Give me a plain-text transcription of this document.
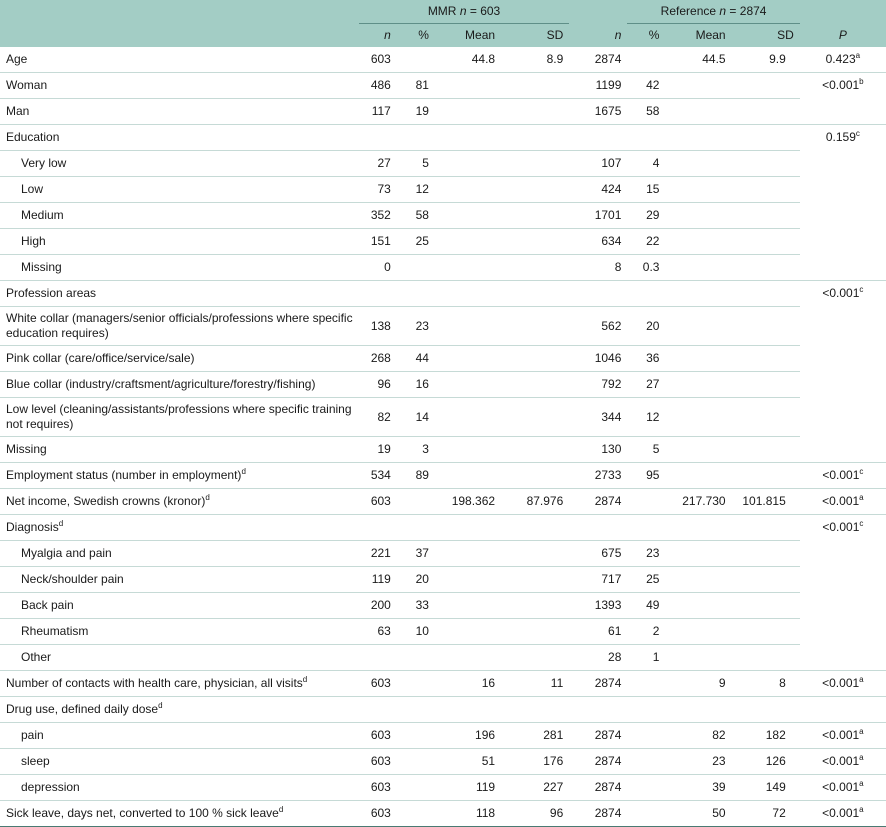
	MMR n = 603					Reference n = 2874			
	n	%	Mean	SD	n	%	Mean	SD	P
Age	603		44.8	8.9	2874		44.5	9.9	0.423$^a$
Woman	486	81			1199	42			<0.001$^b$
Man	117	19			1675	58			
Education									0.159$^c$
Very low	27	5			107	4			
Low	73	12			424	15			
Medium	352	58			1701	29			
High	151	25			634	22			
Missing	0				8	0.3			
Profession areas									<0.001$^c$
White collar (managers/senior officials/professions where specific education requires)	138	23			562	20			
Pink collar (care/office/service/sale)	268	44			1046	36			
Blue collar (industry/craftsment/agriculture/forestry/fishing)	96	16			792	27			
Low level (cleaning/assistants/professions where specific training not requires)	82	14			344	12			
Missing	19	3			130	5			
Employment status (number in employment)$^d$	534	89			2733	95			<0.001$^c$
Net income, Swedish crowns (kronor)$^d$	603		198.362	87.976	2874		217.730	101.815	<0.001$^a$
Diagnosis$^d$									<0.001$^c$
Myalgia and pain	221	37			675	23			
Neck/shoulder pain	119	20			717	25			
Back pain	200	33			1393	49			
Rheumatism	63	10			61	2			
Other					28	1			
Number of contacts with health care, physician, all visits$^d$	603		16	11	2874		9	8	<0.001$^a$
Drug use, defined daily dose$^d$									
pain	603		196	281	2874		82	182	<0.001$^a$
sleep	603		51	176	2874		23	126	<0.001$^a$
depression	603		119	227	2874		39	149	<0.001$^a$
Sick leave, days net, converted to 100 % sick leave$^d$	603		118	96	2874		50	72	<0.001$^a$
